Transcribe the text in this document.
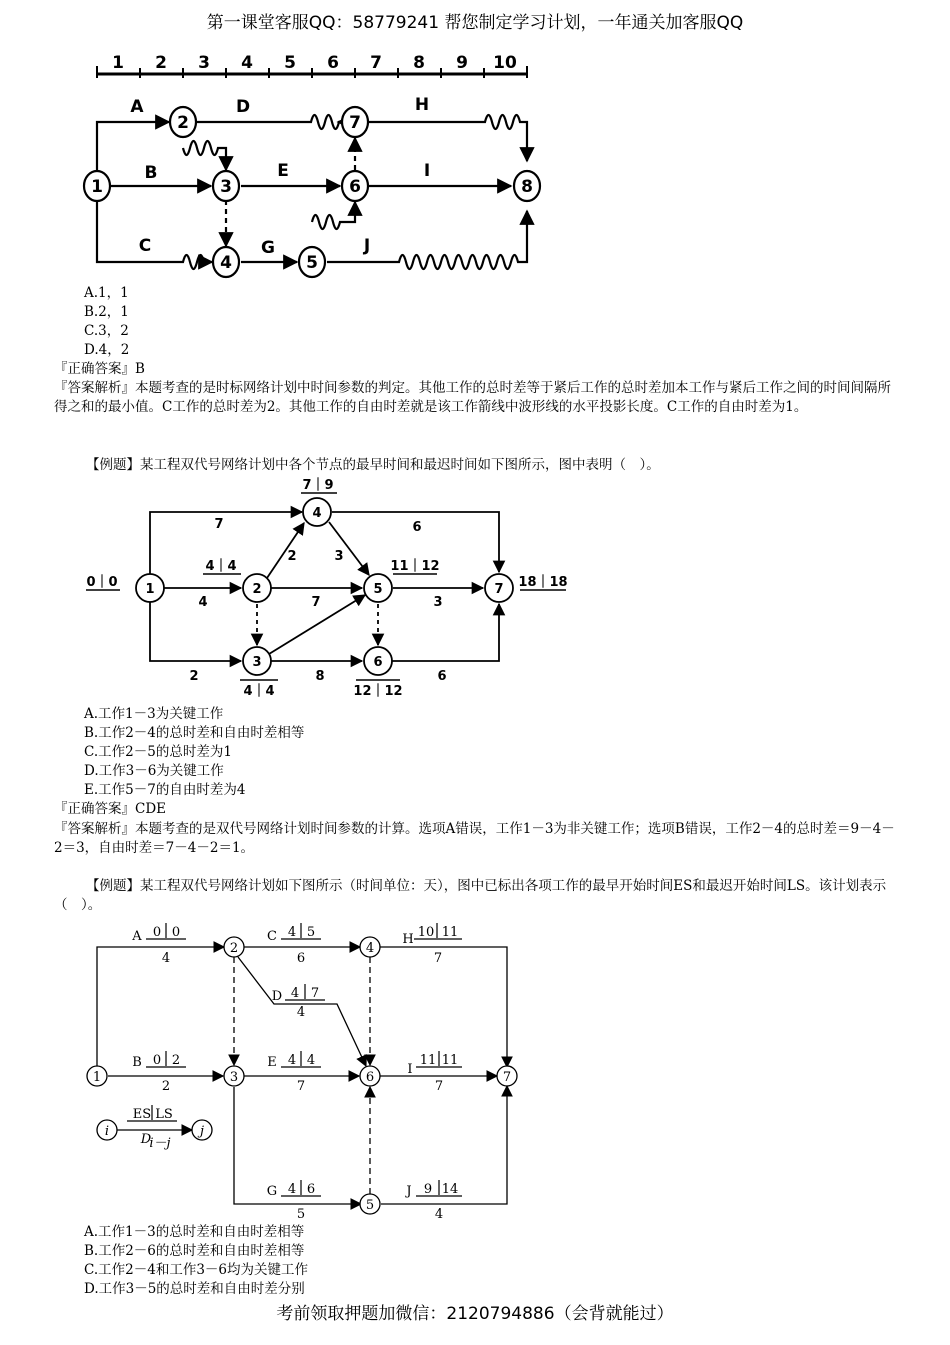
第一课堂客服QQ：58779241 帮您制定学习计划，一年通关加客服QQ
1 2 3 4 5 6 7 8 9 10
1
2
3
4	5
6
7
8
A
B
C
D
E
G
H
I
J
A.1，1
B.2，1
C.3，2
D.4，2
『正确答案』B
『答案解析』本题考查的是时标网络计划中时间参数的判定。其他工作的总时差等于紧后工作的总时差加本工作与紧后工作之间的时间间隔所得之和的最小值。C工作的总时差为2。其他工作的自由时差就是该工作箭线中波形线的水平投影长度。C工作的自由时差为1。
【例题】某工程双代号网络计划中各个节点的最早时间和最迟时间如下图所示，图中表明（　）。
1	2
3
4
5
6
7
0｜0
4｜4
4｜4
7｜9
11｜12
12｜12
18｜18
7
4
2
2	3
7
6
3
8	6
A.工作1－3为关键工作
B.工作2－4的总时差和自由时差相等
C.工作2－5的总时差为1
D.工作3－6为关键工作
E.工作5－7的自由时差为4
『正确答案』CDE
『答案解析』本题考查的是双代号网络计划时间参数的计算。选项A错误，工作1－3为非关键工作；选项B错误，工作2－4的总时差＝9－4－2＝3，自由时差＝7－4－2＝1。
【例题】某工程双代号网络计划如下图所示（时间单位：天），图中已标出各项工作的最早开始时间ES和最迟开始时间LS。该计划表示（　）。
1
2
3
4
5
6	7
A 0 0
4
B 0 2
2
C 4 5
6
D 4 7
4
E 4 4
7
G 4 6
5
H 10 11
7
I
11 11
7
J 9 14
4
i	j
ES LS
D
i－j
A.工作1－3的总时差和自由时差相等
B.工作2－6的总时差和自由时差相等
C.工作2－4和工作3－6均为关键工作
D.工作3－5的总时差和自由时差分别
考前领取押题加微信：2120794886（会背就能过）
